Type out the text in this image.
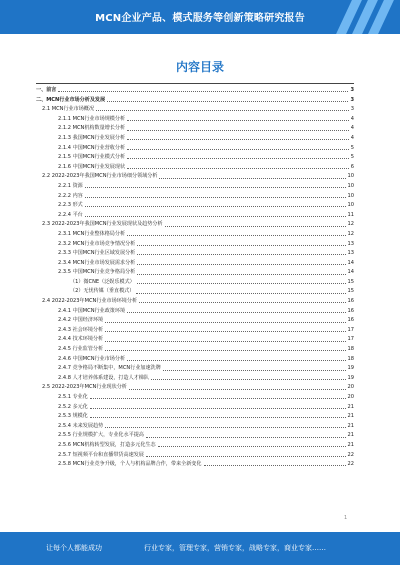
MCN企业产品、模式服务等创新策略研究报告
内容目录
一、前言	3
二、MCN行业市场分析及发展	3
2.1 MCN行业市场概况	3
2.1.1 MCN行业市场规模分析	4
2.1.2 MCN机构数量增长分析	4
2.1.3 我国MCN行业发展分析	4
2.1.4 中国MCN行业营收分析	5
2.1.5 中国MCN行业模式分析	5
2.1.6 中国MCN行业发展现状	6
2.2 2022-2023年我国MCN行业市场细分领域分析	10
2.2.1 资源	10
2.2.2 内容	10
2.2.3 形式	10
2.2.4 平台	11
2.3 2022-2023年我国MCN行业发展现状及趋势分析	12
2.3.1 MCN行业整体格局分析	12
2.3.2 MCN行业市场竞争情况分析	13
2.3.3 中国MCN行业区域发展分析	13
2.3.4 MCN行业市场发展需求分析	14
2.3.5 中国MCN行业竞争格局分析	14
（1）微CNE（泛娱乐模式）	15
（2）无忧传媒（垂直模式）	15
2.4 2022-2023年MCN行业市场环境分析	16
2.4.1 中国MCN行业政策环境	16
2.4.2 中国经济环境	16
2.4.3 社会环境分析	17
2.4.4 技术环境分析	17
2.4.5 行业监管分析	18
2.4.6 中国MCN行业市场分析	18
2.4.7 竞争格局不断集中，MCN行业加速洗牌	19
2.4.8 人才培养体系建设，打造人才梯队	19
2.5 2022-2023年MCN行业现状分析	20
2.5.1 专业化	20
2.5.2 多元化	21
2.5.3 规模化	21
2.5.4 未来发展趋势	21
2.5.5 行业规模扩大，专业化水平提高	21
2.5.6 MCN机构转型发展，打造多元化生态	21
2.5.7 短视频平台和直播带货高速发展	22
2.5.8 MCN行业竞争升级，个人与机构品牌合作，带来全新变化	22
1
让每个人都能成功	行业专家，管理专家，营销专家，战略专家，商业专家……
